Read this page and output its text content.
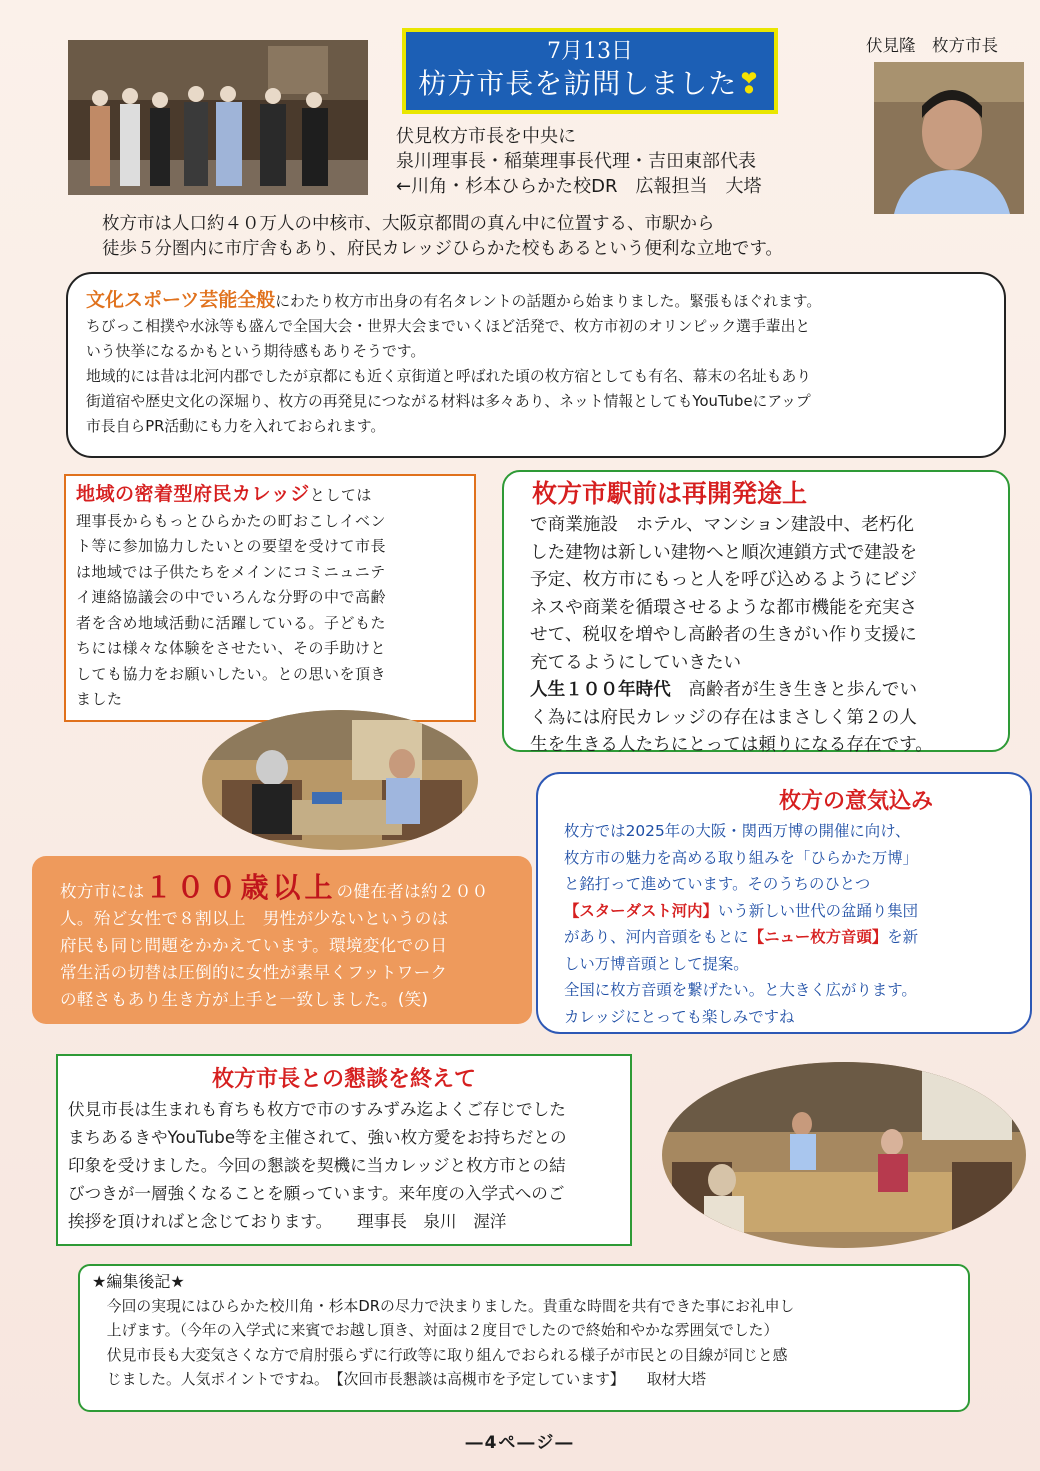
7月13日
枋方市長を訪問しました❣
伏見隆　枚方市長
伏見枚方市長を中央に
泉川理事長・稲葉理事長代理・吉田東部代表
←川角・杉本ひらかた校DR　広報担当　大塔
枚方市は人口約４０万人の中核市、大阪京都間の真ん中に位置する、市駅から
徒歩５分圏内に市庁舎もあり、府民カレッジひらかた校もあるという便利な立地です。

文化スポーツ芸能全般にわたり枚方市出身の有名タレントの話題から始まりました。緊張もほぐれます。

ちびっこ相撲や水泳等も盛んで全国大会・世界大会までいくほど活発で、枚方市初のオリンピック選手輩出と

いう快挙になるかもという期待感もありそうです。

地域的には昔は北河内郡でしたが京都にも近く京街道と呼ばれた頃の枚方宿としても有名、幕末の名址もあり

街道宿や歴史文化の深堀り、枚方の再発見につながる材料は多々あり、ネット情報としてもYouTubeにアップ

市長自らPR活動にも力を入れておられます。

地域の密着型府民カレッジとしては

理事長からもっとひらかたの町おこしイベン

ト等に参加協力したいとの要望を受けて市長

は地域では子供たちをメインにコミニュニテ

イ連絡協議会の中でいろんな分野の中で高齢

者を含め地域活動に活躍している。子どもた

ちには様々な体験をさせたい、その手助けと

しても協力をお願いしたい。との思いを頂き

ました

枚方市駅前は再開発途上

で商業施設　ホテル、マンション建設中、老朽化

した建物は新しい建物へと順次連鎖方式で建設を

予定、枚方市にもっと人を呼び込めるようにビジ

ネスや商業を循環させるような都市機能を充実さ

せて、税収を増やし高齢者の生きがい作り支援に

充てるようにしていきたい

人生１００年時代　高齢者が生き生きと歩んでい

く為には府民カレッジの存在はまさしく第２の人

生を生きる人たちにとっては頼りになる存在です。

枚方の意気込み

枚方では2025年の大阪・関西万博の開催に向け、

枚方市の魅力を高める取り組みを「ひらかた万博」

と銘打って進めています。そのうちのひとつ

【スターダスト河内】いう新しい世代の盆踊り集団

があり、河内音頭をもとに【ニュー枚方音頭】を新

しい万博音頭として提案。

全国に枚方音頭を繋げたい。と大きく広がります。

カレッジにとっても楽しみですね

枚方市には１００歳以上の健在者は約２００

人。殆ど女性で８割以上　男性が少ないというのは

府民も同じ問題をかかえています。環境変化での日

常生活の切替は圧倒的に女性が素早くフットワーク

の軽さもあり生き方が上手と一致しました。(笑)

枚方市長との懇談を終えて

伏見市長は生まれも育ちも枚方で市のすみずみ迄よくご存じでした

まちあるきやYouTube等を主催されて、強い枚方愛をお持ちだとの

印象を受けました。今回の懇談を契機に当カレッジと枚方市との結

びつきが一層強くなることを願っています。来年度の入学式へのご

挨拶を頂ければと念じております。　　理事長　泉川　渥洋

★編集後記★

　今回の実現にはひらかた校川角・杉本DRの尽力で決まりました。貴重な時間を共有できた事にお礼申し

　上げます。（今年の入学式に来賓でお越し頂き、対面は２度目でしたので終始和やかな雰囲気でした）

　伏見市長も大変気さくな方で肩肘張らずに行政等に取り組んでおられる様子が市民との目線が同じと感

　じました。人気ポイントですね。　【次回市長懇談は高槻市を予定しています】　　取材大塔

―4ペ―ジ―
